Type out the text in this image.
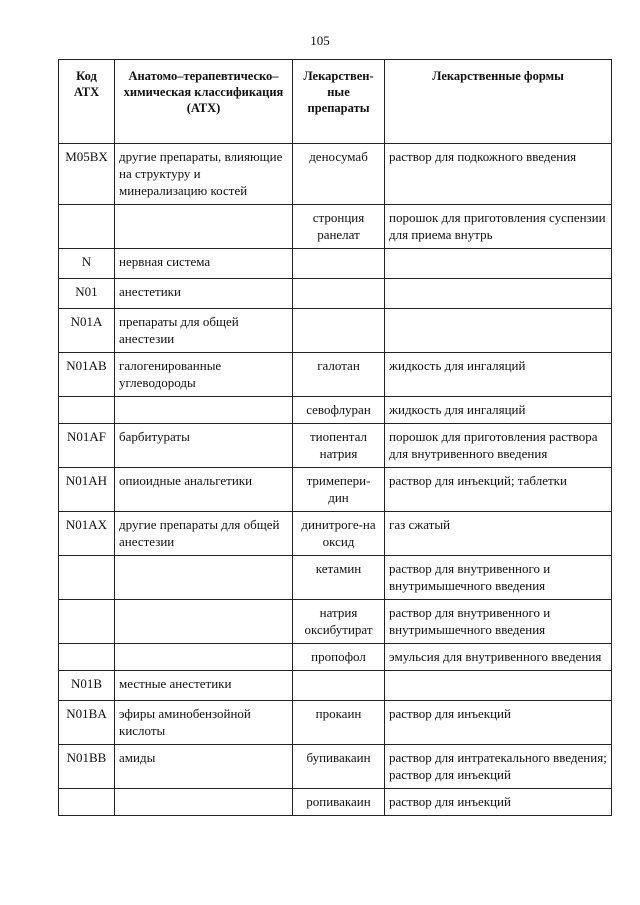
105
Код АТХ	Анатомо–терапевтическо–химическая классификация (АТХ)	Лекарствен-ные препараты	Лекарственные формы
M05BX	другие препараты, влияющие на структуру и минерализацию костей	деносумаб	раствор для подкожного введения
		стронция ранелат	порошок для приготовления суспензии для приема внутрь
N	нервная система		
N01	анестетики		
N01A	препараты для общей анестезии		
N01AB	галогенированные углеводороды	галотан	жидкость для ингаляций
		севофлуран	жидкость для ингаляций
N01AF	барбитураты	тиопентал натрия	порошок для приготовления раствора для внутривенного введения
N01AH	опиоидные анальгетики	тримепери-дин	раствор для инъекций; таблетки
N01AX	другие препараты для общей анестезии	динитроге-на оксид	газ сжатый
		кетамин	раствор для внутривенного и внутримышечного введения
		натрия оксибутират	раствор для внутривенного и внутримышечного введения
		пропофол	эмульсия для внутривенного введения
N01B	местные анестетики		
N01BA	эфиры аминобензойной кислоты	прокаин	раствор для инъекций
N01BB	амиды	бупивакаин	раствор для интратекального введения; раствор для инъекций
		ропивакаин	раствор для инъекций
